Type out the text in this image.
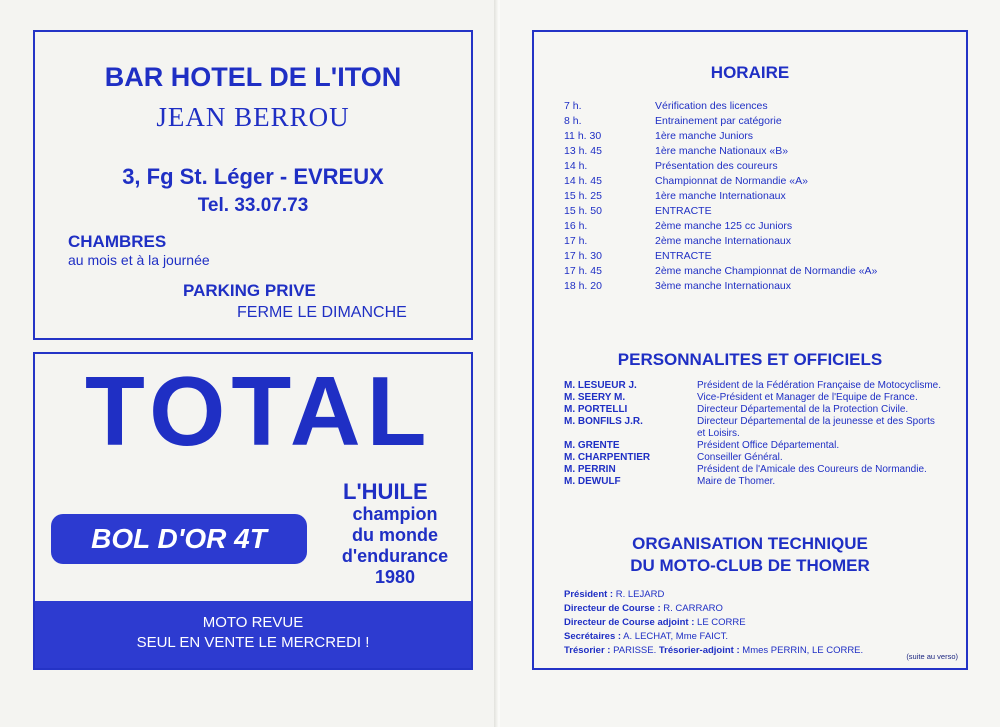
BAR HOTEL DE L'ITON
JEAN BERROU
3, Fg St. Léger - EVREUX
Tel. 33.07.73
CHAMBRES
au mois et à la journée
PARKING PRIVE
FERME LE DIMANCHE
TOTAL
L'HUILE
champion
du monde
d'endurance
1980
BOL D'OR 4T
MOTO REVUE
SEUL EN VENTE LE MERCREDI !
HORAIRE
7 h.	Vérification des licences
8 h.	Entrainement par catégorie
11 h. 30	1ère manche Juniors
13 h. 45	1ère manche Nationaux «B»
14 h.	Présentation des coureurs
14 h. 45	Championnat de Normandie «A»
15 h. 25	1ère manche Internationaux
15 h. 50	ENTRACTE
16 h.	2ème manche 125 cc Juniors
17 h.	2ème manche Internationaux
17 h. 30	ENTRACTE
17 h. 45	2ème manche Championnat de Normandie «A»
18 h. 20	3ème manche Internationaux
PERSONNALITES ET OFFICIELS
M. LESUEUR J.	Président de la Fédération Française de Motocyclisme.
M. SEERY M.	Vice-Président et Manager de l'Equipe de France.
M. PORTELLI	Directeur Départemental de la Protection Civile.
M. BONFILS J.R.	Directeur Départemental de la jeunesse et des Sports
et Loisirs.
M. GRENTE	Président Office Départemental.
M. CHARPENTIER	Conseiller Général.
M. PERRIN	Président de l'Amicale des Coureurs de Normandie.
M. DEWULF	Maire de Thomer.
ORGANISATION TECHNIQUE
DU MOTO-CLUB DE THOMER
Président : R. LEJARD
Directeur de Course : R. CARRARO
Directeur de Course adjoint : LE CORRE
Secrétaires : A. LECHAT, Mme FAICT.
Trésorier : PARISSE. Trésorier-adjoint : Mmes PERRIN, LE CORRE.
(suite au verso)
